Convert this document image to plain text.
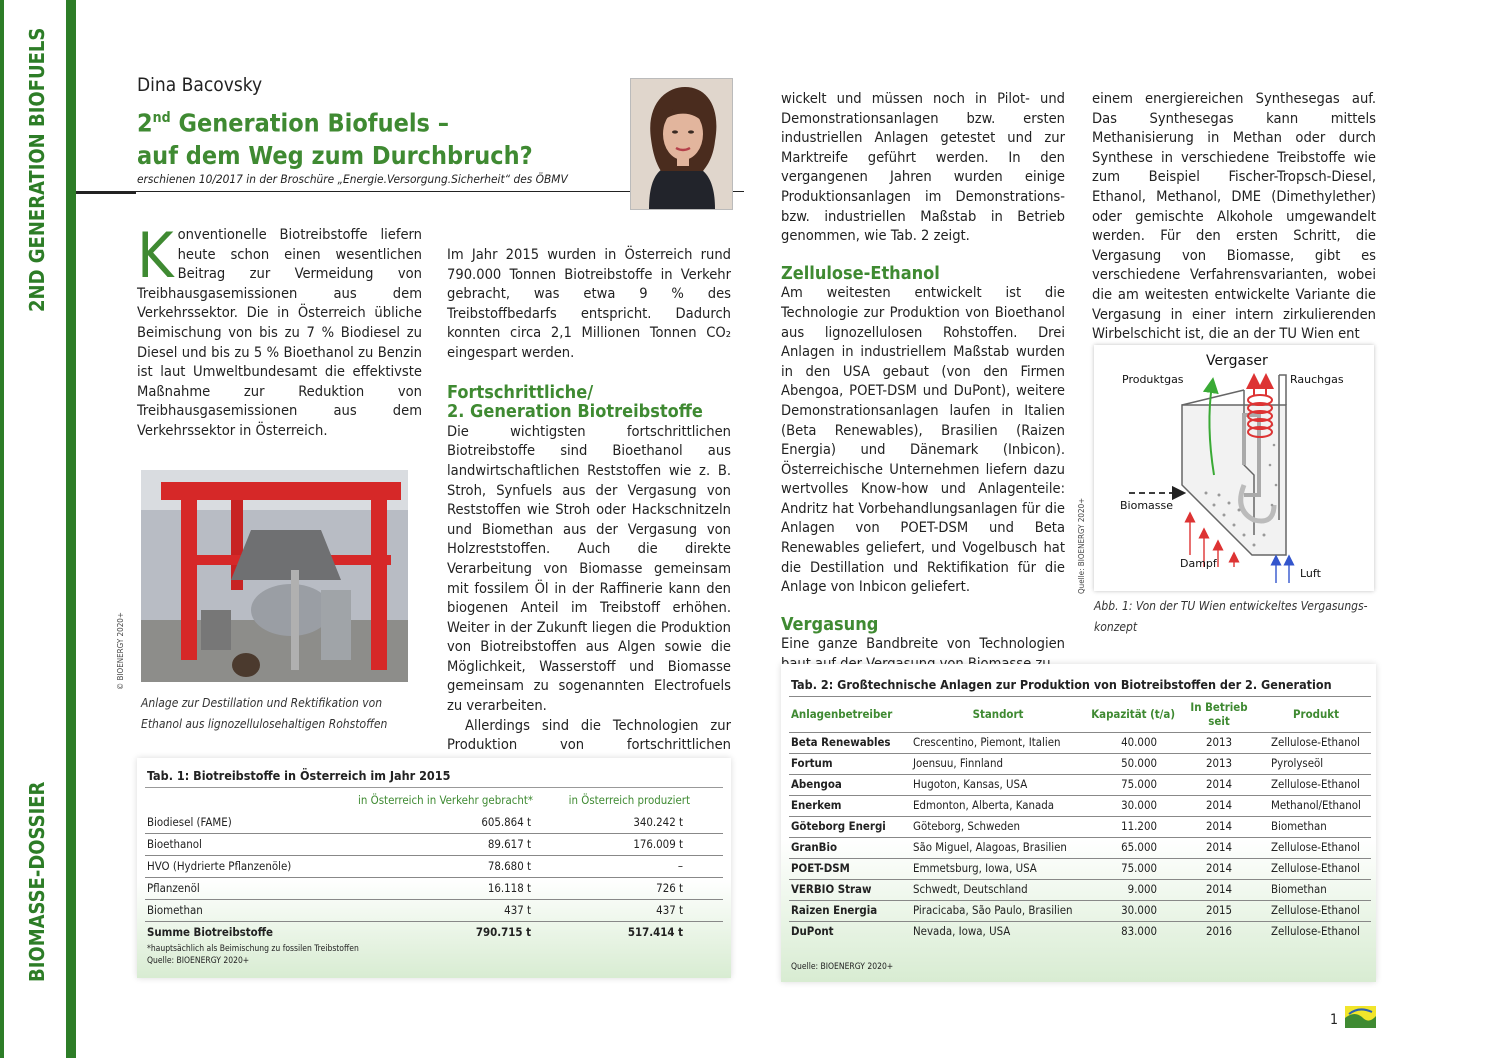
2ND GENERATION BIOFUELS
BIOMASSE-DOSSIER
Dina Bacovsky
2nd Generation Biofuels –
auf dem Weg zum Durchbruch?
erschienen 10/2017 in der Broschüre „Energie.Versorgung.Sicherheit“ des ÖBMV

Konventionelle Biotreibstoffe liefern heute schon einen wesentlichen Beitrag zur Vermeidung von Treibhausgasemissionen aus dem Verkehrssektor. Die in Österreich übliche Beimischung von bis zu 7 % Biodiesel zu Diesel und bis zu 5 % Bioethanol zu Benzin ist laut Umweltbundesamt die effektivste Maßnahme zur Reduktion von Treibhausgasemissionen aus dem Verkehrssektor in Österreich.

© BIOENERGY 2020+
Anlage zur Destillation und Rektifikation von Ethanol aus lignozellulosehaltigen Rohstoffen

Im Jahr 2015 wurden in Österreich rund 790.000 Tonnen Biotreibstoffe in Verkehr gebracht, was etwa 9 % des Treibstoffbedarfs entspricht. Dadurch konnten circa 2,1 Millionen Tonnen CO₂ eingespart werden.

Fortschrittliche/
2. Generation Biotreibstoffe

Die wichtigsten fortschrittlichen Biotreibstoffe sind Bioethanol aus landwirtschaftlichen Reststoffen wie z. B. Stroh, Synfuels aus der Vergasung von Reststoffen wie Stroh oder Hackschnitzeln und Biomethan aus der Vergasung von Holzreststoffen. Auch die direkte Verarbeitung von Biomasse gemeinsam mit fossilem Öl in der Raffinerie kann den biogenen Anteil im Treibstoff erhöhen. Weiter in der Zukunft liegen die Produktion von Biotreibstoffen aus Algen sowie die Möglichkeit, Wasserstoff und Biomasse gemeinsam zu sogenannten Electrofuels zu verarbeiten.

Allerdings sind die Technologien zur Produktion von fortschrittlichen

wickelt und müssen noch in Pilot- und Demonstrationsanlagen bzw. ersten industriellen Anlagen getestet und zur Marktreife geführt werden. In den vergangenen Jahren wurden einige Produktionsanlagen im Demonstrations- bzw. industriellen Maßstab in Betrieb genommen, wie Tab. 2 zeigt.

Zellulose-Ethanol

Am weitesten entwickelt ist die Technologie zur Produktion von Bioethanol aus lignozellulosen Rohstoffen. Drei Anlagen in industriellem Maßstab wurden in den USA gebaut (von den Firmen Abengoa, POET-DSM und DuPont), weitere Demonstrationsanlagen laufen in Italien (Beta Renewables), Brasilien (Raizen Energia) und Dänemark (Inbicon). Österreichische Unternehmen liefern dazu wertvolles Know-how und Anlagenteile: Andritz hat Vorbehandlungsanlagen für die Anlagen von POET-DSM und Beta Renewables geliefert, und Vogelbusch hat die Destillation und Rektifikation für die Anlage von Inbicon geliefert.

Vergasung

Eine ganze Bandbreite von Technologien

einem energiereichen Synthesegas auf. Das Synthesegas kann mittels Methanisierung in Methan oder durch Synthese in verschiedene Treibstoffe wie zum Beispiel Fischer-Tropsch-Diesel, Ethanol, Methanol, DME (Dimethylether) oder gemischte Alkohole umgewandelt werden. Für den ersten Schritt, die Vergasung von Biomasse, gibt es verschiedene Verfahrensvarianten, wobei die am weitesten entwickelte Variante die Vergasung in einer intern zirkulierenden Wirbelschicht ist, die an der TU Wien ent

Vergaser
Produktgas	Rauchgas
Biomasse
Dampf
Luft
Quelle: BIOENERGY 2020+
Abb. 1: Von der TU Wien entwickeltes Vergasungs-
konzept
Tab. 1: Biotreibstoffe in Österreich im Jahr 2015
in Österreich in Verkehr gebracht*	in Österreich produziert
Biodiesel (FAME)	605.864 t	340.242 t
Bioethanol	89.617 t	176.009 t
HVO (Hydrierte Pflanzenöle)	78.680 t	–
Pflanzenöl	16.118 t	726 t
Biomethan	437 t	437 t
Summe Biotreibstoffe	790.715 t	517.414 t
*hauptsächlich als Beimischung zu fossilen Treibstoffen
Quelle: BIOENERGY 2020+
Tab. 2: Großtechnische Anlagen zur Produktion von Biotreibstoffen der 2. Generation
Anlagenbetreiber	Standort	Kapazität (t/a)	In Betrieb seit	Produkt
Beta Renewables	Crescentino, Piemont, Italien	40.000	2013	Zellulose-Ethanol
Fortum	Joensuu, Finnland	50.000	2013	Pyrolyseöl
Abengoa	Hugoton, Kansas, USA	75.000	2014	Zellulose-Ethanol
Enerkem	Edmonton, Alberta, Kanada	30.000	2014	Methanol/Ethanol
Göteborg Energi	Göteborg, Schweden	11.200	2014	Biomethan
GranBio	São Miguel, Alagoas, Brasilien	65.000	2014	Zellulose-Ethanol
POET-DSM	Emmetsburg, Iowa, USA	75.000	2014	Zellulose-Ethanol
VERBIO Straw	Schwedt, Deutschland	9.000	2014	Biomethan
Raizen Energia	Piracicaba, São Paulo, Brasilien	30.000	2015	Zellulose-Ethanol
DuPont	Nevada, Iowa, USA	83.000	2016	Zellulose-Ethanol
Quelle: BIOENERGY 2020+
1
